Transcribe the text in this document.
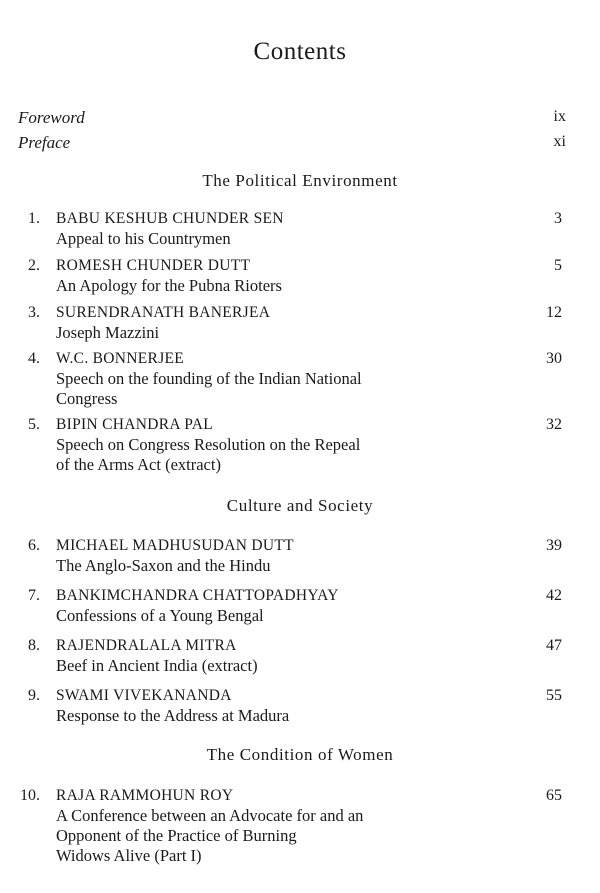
Contents
Foreword	ix
Preface	xi
The Political Environment
1. BABU KESHUB CHUNDER SEN	3
Appeal to his Countrymen
2. ROMESH CHUNDER DUTT	5
An Apology for the Pubna Rioters
3. SURENDRANATH BANERJEA	12
Joseph Mazzini
4. W.C. BONNERJEE	30
Speech on the founding of the Indian National
Congress
5. BIPIN CHANDRA PAL	32
Speech on Congress Resolution on the Repeal
of the Arms Act (extract)
Culture and Society
6. MICHAEL MADHUSUDAN DUTT	39
The Anglo-Saxon and the Hindu
7. BANKIMCHANDRA CHATTOPADHYAY	42
Confessions of a Young Bengal
8. RAJENDRALALA MITRA	47
Beef in Ancient India (extract)
9. SWAMI VIVEKANANDA	55
Response to the Address at Madura
The Condition of Women
10. RAJA RAMMOHUN ROY	65
A Conference between an Advocate for and an
Opponent of the Practice of Burning
Widows Alive (Part I)
